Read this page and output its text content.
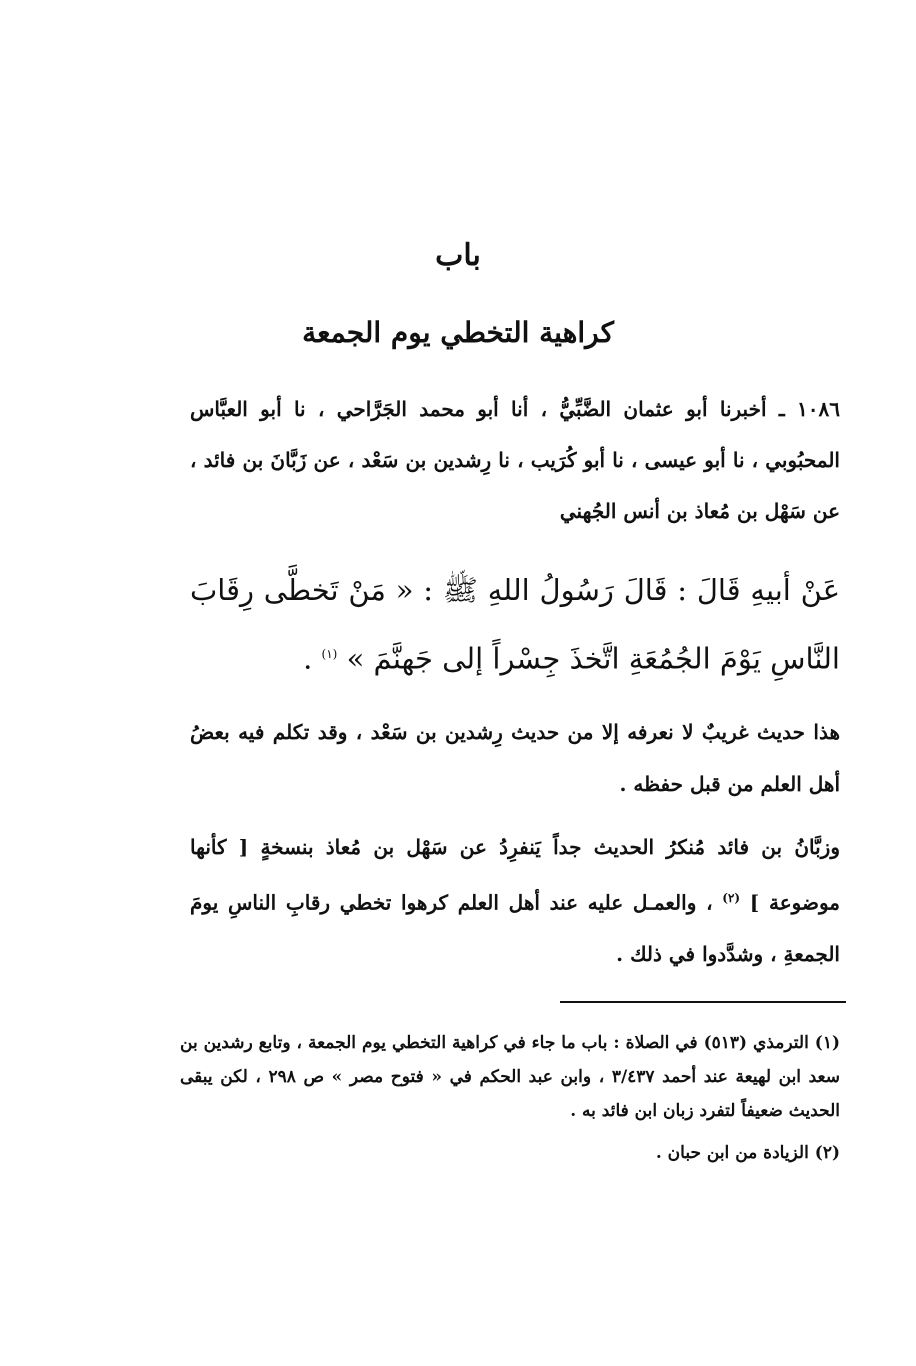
باب
كراهية التخطي يوم الجمعة
١٠٨٦ ـ أخبرنا أبو عثمان الضَّبِّيُّ ، أنا أبو محمد الجَرَّاحي ، نا أبو العبَّاس المحبُوبي ، نا أبو عيسى ، نا أبو كُرَيب ، نا رِشدين بن سَعْد ، عن زَبَّانَ بن فائد ، عن سَهْل بن مُعاذ بن أنس الجُهني
عَنْ أبيهِ قَالَ : قَالَ رَسُولُ اللهِ ﷺ : « مَنْ تَخطَّى رِقَابَ النَّاسِ يَوْمَ الجُمُعَةِ اتَّخذَ جِسْراً إلى جَهنَّمَ » $^{(١)}$ .
هذا حديث غريبٌ لا نعرفه إلا من حديث رِشدين بن سَعْد ، وقد تكلم فيه بعضُ أهل العلم من قبل حفظه .
وزبَّانُ بن فائد مُنكرُ الحديث جداً يَنفرِدُ عن سَهْل بن مُعاذ بنسخةٍ [ كأنها موضوعة ] $^{(٢)}$ ، والعمـل عليه عند أهل العلم كرهوا تخطي رقابِ الناسِ يومَ الجمعةِ ، وشدَّدوا في ذلك .

(١) الترمذي (٥١٣) في الصلاة : باب ما جاء في كراهية التخطي يوم الجمعة ، وتابع رشدين بن سعد ابن لهيعة عند أحمد ٣/٤٣٧ ، وابن عبد الحكم في « فتوح مصر » ص ٢٩٨ ، لكن يبقى الحديث ضعيفاً لتفرد زبان ابن فائد به .

(٢) الزيادة من ابن حبان .
